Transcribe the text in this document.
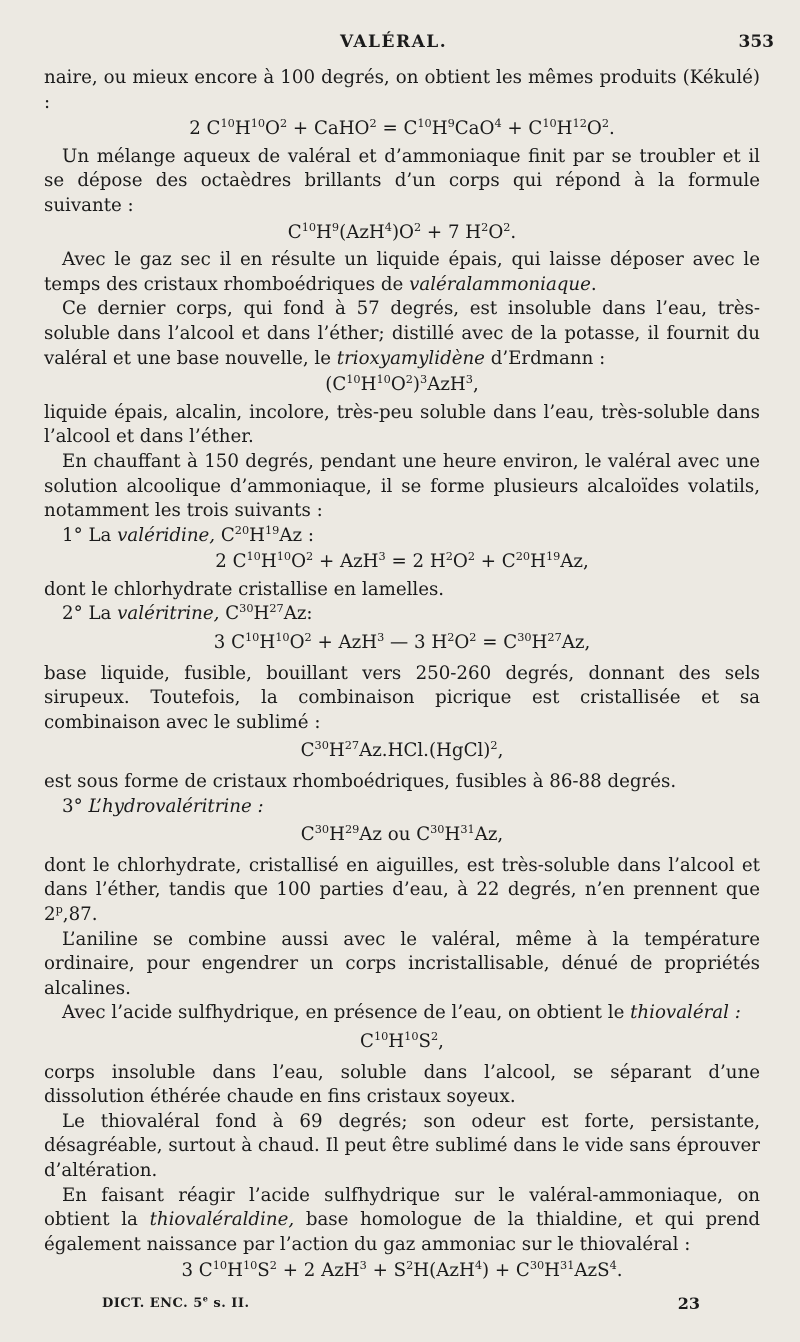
VALÉRAL.	353

naire, ou mieux encore à 100 degrés, on obtient les mêmes produits (Kékulé) :

2 $C^{10}H^{10}O^2$ + CaHO$^2$ = $C^{10}H^9CaO^4 + C^{10}H^{12}O^2$.

Un mélange aqueux de valéral et d’ammoniaque finit par se troubler et il se dépose des octaèdres brillants d’un corps qui répond à la formule suivante :

$C^{10}H^9(AzH^4)O^2 + 7$ $H^2O^2$.

Avec le gaz sec il en résulte un liquide épais, qui laisse déposer avec le temps des cristaux rhomboédriques de valéralammoniaque.

Ce dernier corps, qui fond à 57 degrés, est insoluble dans l’eau, très-soluble dans l’alcool et dans l’éther; distillé avec de la potasse, il fournit du valéral et une base nouvelle, le trioxyamylidène d’Erdmann :

$(C^{10}H^{10}O^2)^3AzH^3$,

liquide épais, alcalin, incolore, très-peu soluble dans l’eau, très-soluble dans l’alcool et dans l’éther.

En chauffant à 150 degrés, pendant une heure environ, le valéral avec une solution alcoolique d’ammoniaque, il se forme plusieurs alcaloïdes volatils, notamment les trois suivants :

1° La valéridine, $C^{20}H^{19}Az$ :

2 $C^{10}H^{10}O^2 + AzH^3 = 2$ $H^2O^2 + C^{20}H^{19}Az$,

dont le chlorhydrate cristallise en lamelles.

2° La valéritrine, $C^{30}H^{27}Az$:

3 $C^{10}H^{10}O^2 + AzH^3$ — 3 $H^2O^2 = C^{30}H^{27}Az$,

base liquide, fusible, bouillant vers 250-260 degrés, donnant des sels sirupeux. Toutefois, la combinaison picrique est cristallisée et sa combinaison avec le sublimé :

$C^{30}H^{27}Az.HCl.(HgCl)^2$,

est sous forme de cristaux rhomboédriques, fusibles à 86-88 degrés.

3° L’hydrovaléritrine :

$C^{30}H^{29}Az$ ou $C^{30}H^{31}Az$,

dont le chlorhydrate, cristallisé en aiguilles, est très-soluble dans l’alcool et dans l’éther, tandis que 100 parties d’eau, à 22 degrés, n’en prennent que 2$^p$,87.

L’aniline se combine aussi avec le valéral, même à la température ordinaire, pour engendrer un corps incristallisable, dénué de propriétés alcalines.

Avec l’acide sulfhydrique, en présence de l’eau, on obtient le thiovaléral :

$C^{10}H^{10}S^2$,

corps insoluble dans l’eau, soluble dans l’alcool, se séparant d’une dissolution éthérée chaude en fins cristaux soyeux.

Le thiovaléral fond à 69 degrés; son odeur est forte, persistante, désagréable, surtout à chaud. Il peut être sublimé dans le vide sans éprouver d’altération.

En faisant réagir l’acide sulfhydrique sur le valéral-ammoniaque, on obtient la thiovaléraldine, base homologue de la thialdine, et qui prend également naissance par l’action du gaz ammoniac sur le thiovaléral :

3 $C^{10}H^{10}S^2 + 2$ $AzH^3 + S^2H(AzH^4) + C^{30}H^{31}AzS^4$.

DICT. ENC. 5e s. II.	23
